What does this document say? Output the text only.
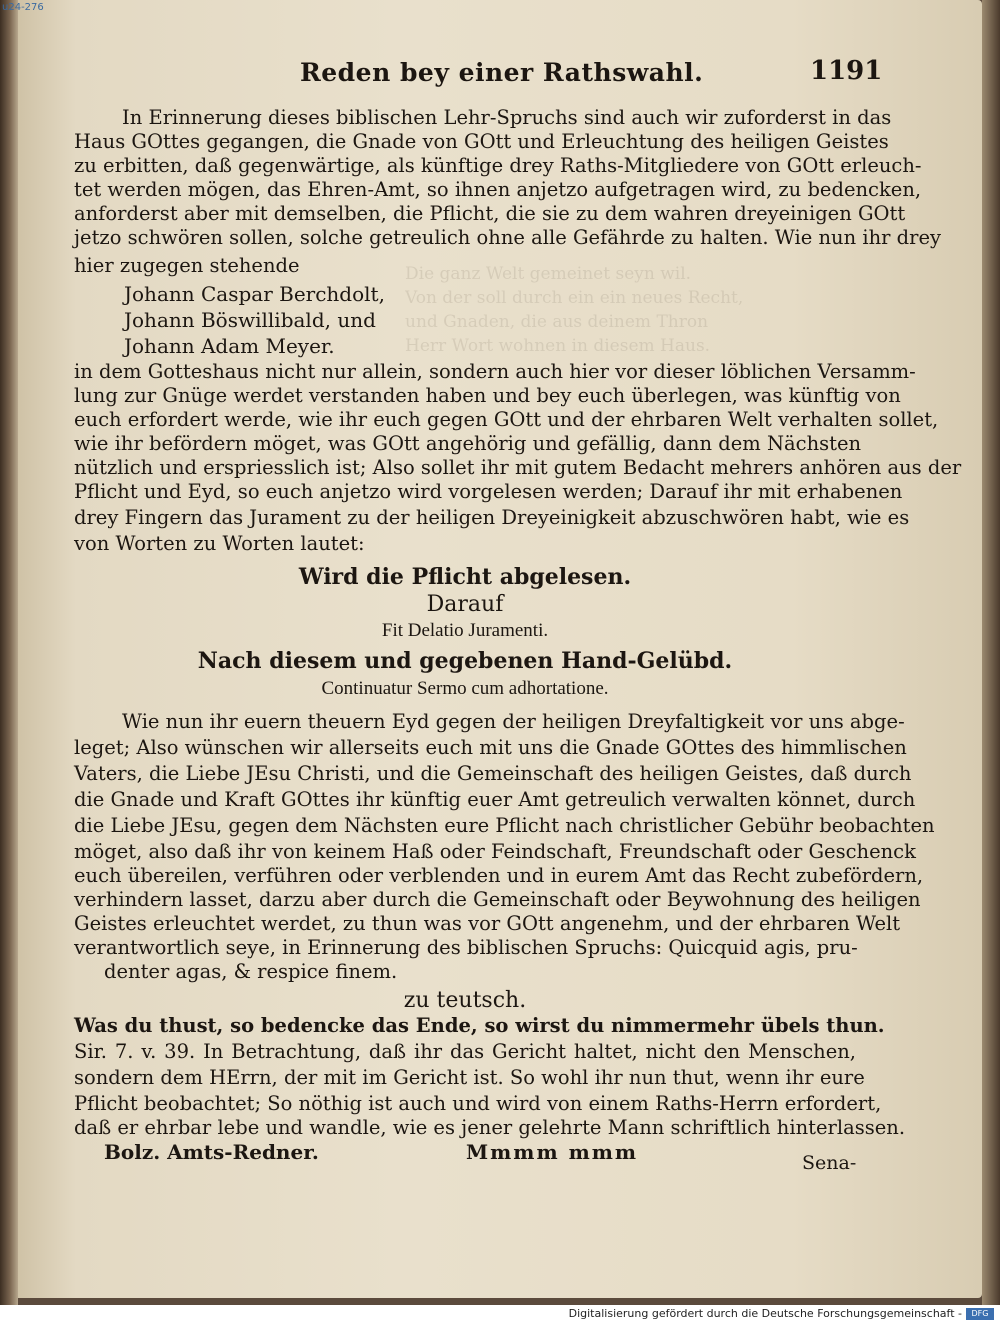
u24-276
Die ganz Welt gemeinet seyn wil.
Von der soll durch ein ein neues Recht,
und Gnaden, die aus deinem Thron
Herr Wort wohnen in diesem Haus.
Reden bey einer Rathswahl.	1191

In Erinnerung dieses biblischen Lehr-Spruchs sind auch wir zuforderst in das

Haus GOttes gegangen, die Gnade von GOtt und Erleuchtung des heiligen Geistes

zu erbitten, daß gegenwärtige, als künftige drey Raths-Mitgliedere von GOtt erleuch-

tet werden mögen, das Ehren-Amt, so ihnen anjetzo aufgetragen wird, zu bedencken,

anforderst aber mit demselben, die Pflicht, die sie zu dem wahren dreyeinigen GOtt

jetzo schwören sollen, solche getreulich ohne alle Gefährde zu halten. Wie nun ihr drey

hier zugegen stehende

Johann Caspar Berchdolt,

Johann Böswillibald, und

Johann Adam Meyer.

in dem Gotteshaus nicht nur allein, sondern auch hier vor dieser löblichen Versamm-

lung zur Gnüge werdet verstanden haben und bey euch überlegen, was künftig von

euch erfordert werde, wie ihr euch gegen GOtt und der ehrbaren Welt verhalten sollet,

wie ihr befördern möget, was GOtt angehörig und gefällig, dann dem Nächsten

nützlich und erspriesslich ist; Also sollet ihr mit gutem Bedacht mehrers anhören aus der

Pflicht und Eyd, so euch anjetzo wird vorgelesen werden; Darauf ihr mit erhabenen

drey Fingern das Jurament zu der heiligen Dreyeinigkeit abzuschwören habt, wie es

von Worten zu Worten lautet:

Wird die Pflicht abgelesen.

Darauf

Fit Delatio Juramenti.

Nach diesem und gegebenen Hand-Gelübd.

Continuatur Sermo cum adhortatione.

Wie nun ihr euern theuern Eyd gegen der heiligen Dreyfaltigkeit vor uns abge-

leget; Also wünschen wir allerseits euch mit uns die Gnade GOttes des himmlischen

Vaters, die Liebe JEsu Christi, und die Gemeinschaft des heiligen Geistes, daß durch

die Gnade und Kraft GOttes ihr künftig euer Amt getreulich verwalten könnet, durch

die Liebe JEsu, gegen dem Nächsten eure Pflicht nach christlicher Gebühr beobachten

möget, also daß ihr von keinem Haß oder Feindschaft, Freundschaft oder Geschenck

euch übereilen, verführen oder verblenden und in eurem Amt das Recht zubefördern,

verhindern lasset, darzu aber durch die Gemeinschaft oder Beywohnung des heiligen

Geistes erleuchtet werdet, zu thun was vor GOtt angenehm, und der ehrbaren Welt

verantwortlich seye, in Erinnerung des biblischen Spruchs: Quicquid agis, pru-

denter agas, & respice finem.

zu teutsch.

Was du thust, so bedencke das Ende, so wirst du nimmermehr übels thun.

Sir. 7. v. 39. In Betrachtung, daß ihr das Gericht haltet, nicht den Menschen,

sondern dem HErrn, der mit im Gericht ist. So wohl ihr nun thut, wenn ihr eure

Pflicht beobachtet; So nöthig ist auch und wird von einem Raths-Herrn erfordert,

daß er ehrbar lebe und wandle, wie es jener gelehrte Mann schriftlich hinterlassen.

Bolz. Amts-Redner.	Mmmm mmm	Sena-
Digitalisierung gefördert durch die Deutsche Forschungsgemeinschaft -	DFG
